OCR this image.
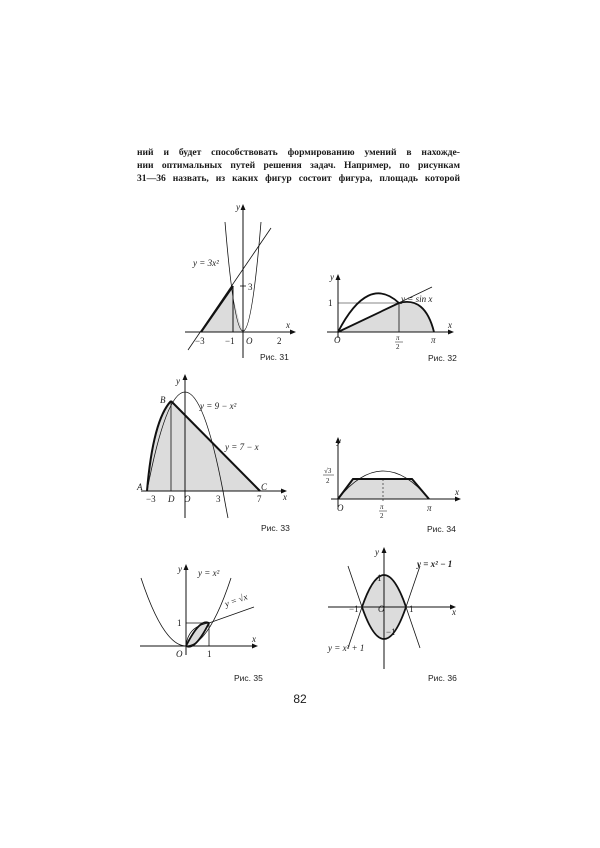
ний и будет способствовать формированию умений в нахожде-
нии оптимальных путей решения задач. Например, по рисункам
31—36 назвать, из каких фигур состоит фигура, площадь которой
y
x
y = 3x²
3
−3 −1 O	2
Рис. 31
y
x
1	y = sin x
O	π
2
π
Рис. 32
y
x
B
A	C
y = 9 − x²
y = 7 − x
−3 D O	3	7
Рис. 33
y
x
√3
2
O	π
2
π
Рис. 34
y
x
y = x²
y = √x
1
O	1
Рис. 35
y
x
y = x² − 1
y = x² + 1
1
−1 O	1
−1
Рис. 36
82
